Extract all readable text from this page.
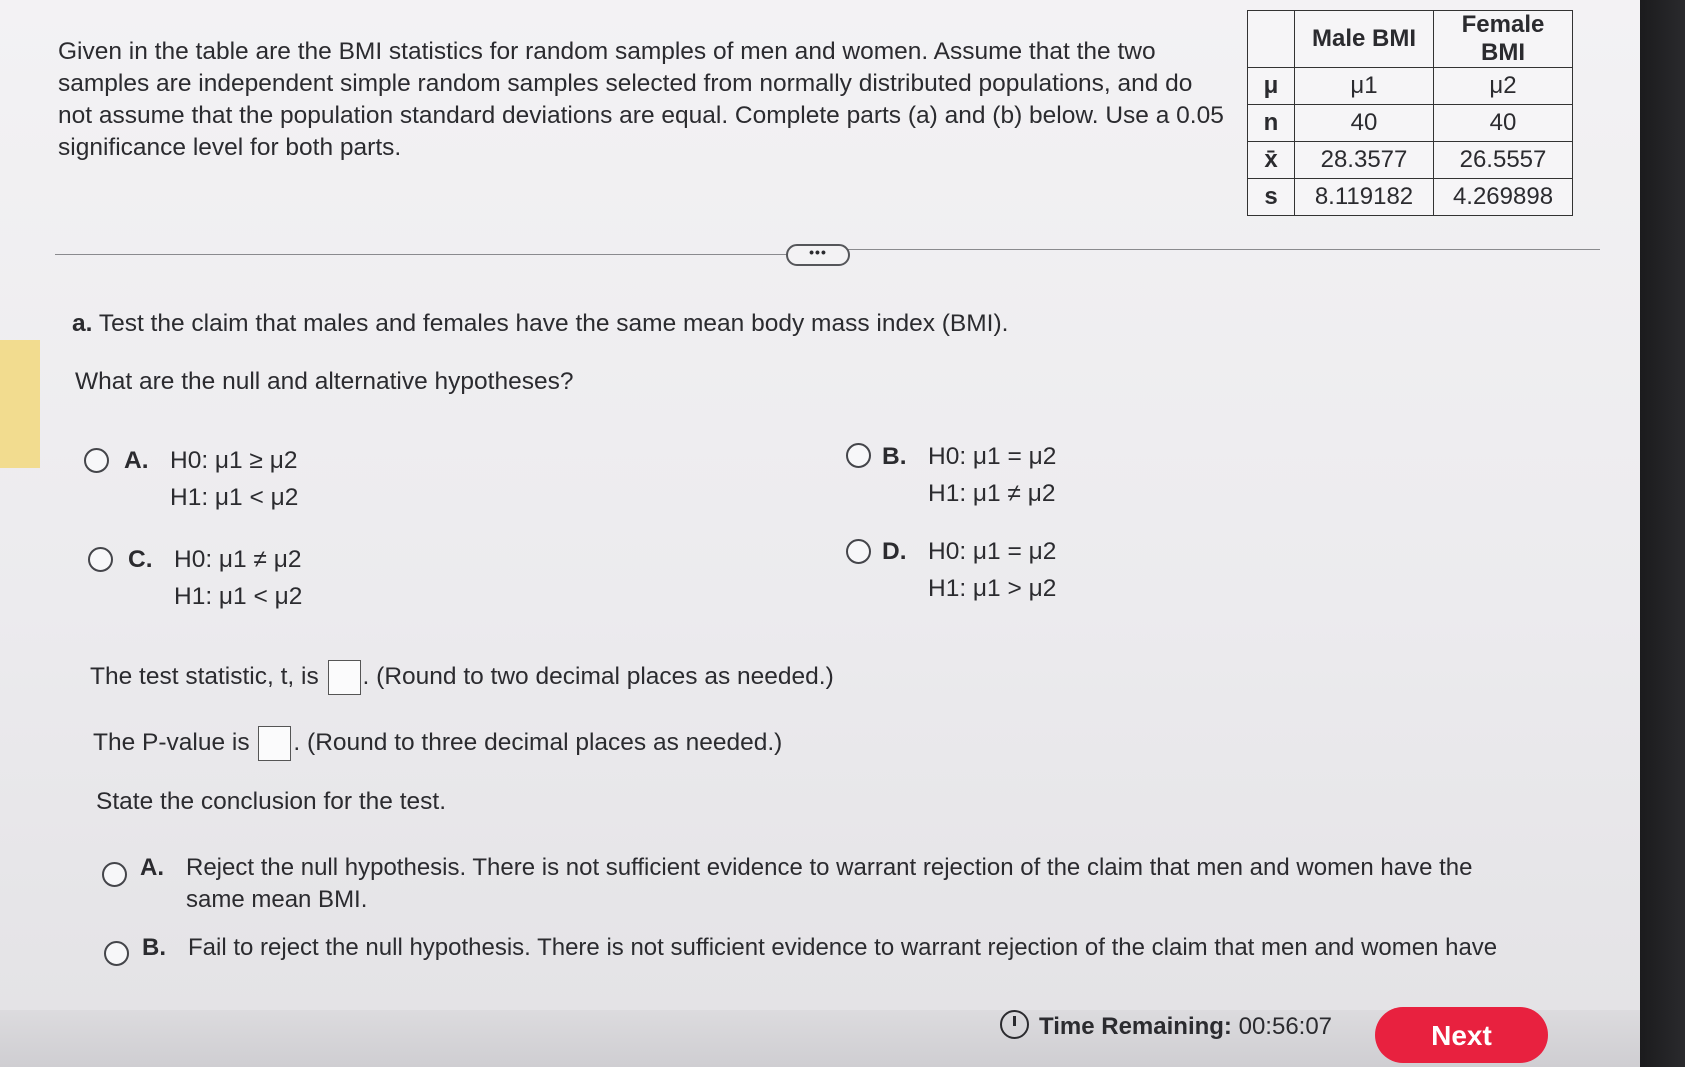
Given in the table are the BMI statistics for random samples of men and women. Assume that the two samples are independent simple random samples selected from normally distributed populations, and do not assume that the population standard deviations are equal. Complete parts (a) and (b) below. Use a 0.05 significance level for both parts.
	Male BMI	Female BMI
μ	μ1	μ2
n	40	40
x̄	28.3577	26.5557
s	8.119182	4.269898
•••
a. Test the claim that males and females have the same mean body mass index (BMI).
What are the null and alternative hypotheses?
A. H0: μ1 ≥ μ2
H1: μ1 < μ2
B. H0: μ1 = μ2
H1: μ1 ≠ μ2
C. H0: μ1 ≠ μ2
H1: μ1 < μ2
D. H0: μ1 = μ2
H1: μ1 > μ2
The test statistic, t, is . (Round to two decimal places as needed.)
The P-value is . (Round to three decimal places as needed.)
State the conclusion for the test.
A. Reject the null hypothesis. There is not sufficient evidence to warrant rejection of the claim that men and women have the same mean BMI.
B. Fail to reject the null hypothesis. There is not sufficient evidence to warrant rejection of the claim that men and women have
Time Remaining: 00:56:07	Next
